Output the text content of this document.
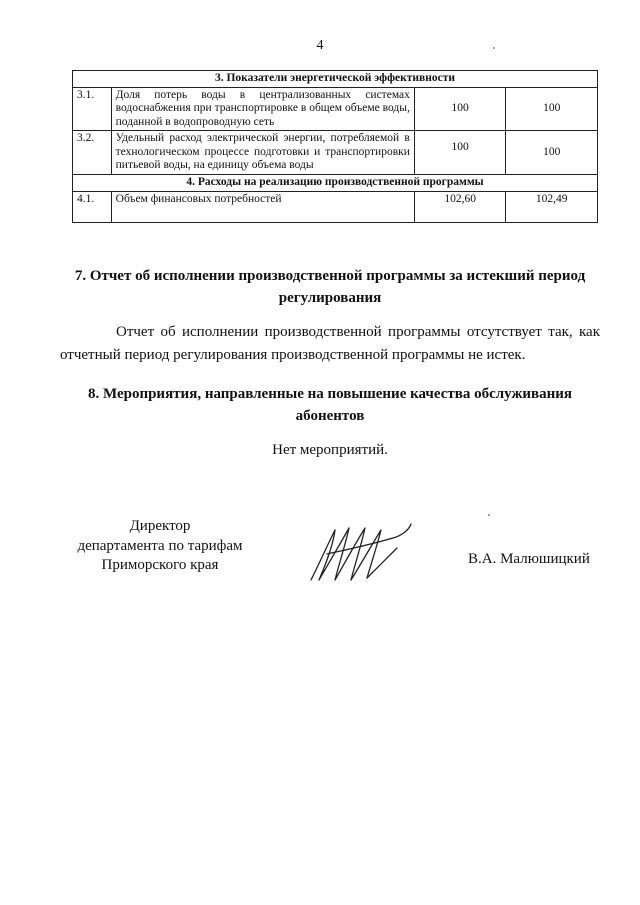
4
3. Показатели энергетической эффективности			
3.1.	Доля потерь воды в централизованных системах водоснабжения при транспортировке в общем объеме воды, поданной в водопроводную сеть	100	100
3.2.	Удельный расход электрической энергии, потребляемой в технологическом процессе подготовки и транспортировки питьевой воды, на единицу объема воды	100	100
4. Расходы на реализацию производственной программы			
4.1.	Объем финансовых потребностей	102,60	102,49
7. Отчет об исполнении производственной программы за истекший период регулирования

Отчет об исполнении производственной программы отсутствует так, как отчетный период регулирования производственной программы не истек.

8. Мероприятия, направленные на повышение качества обслуживания абонентов

Нет мероприятий.

Директор
департамента по тарифам
Приморского края	В.А. Малюшицкий
